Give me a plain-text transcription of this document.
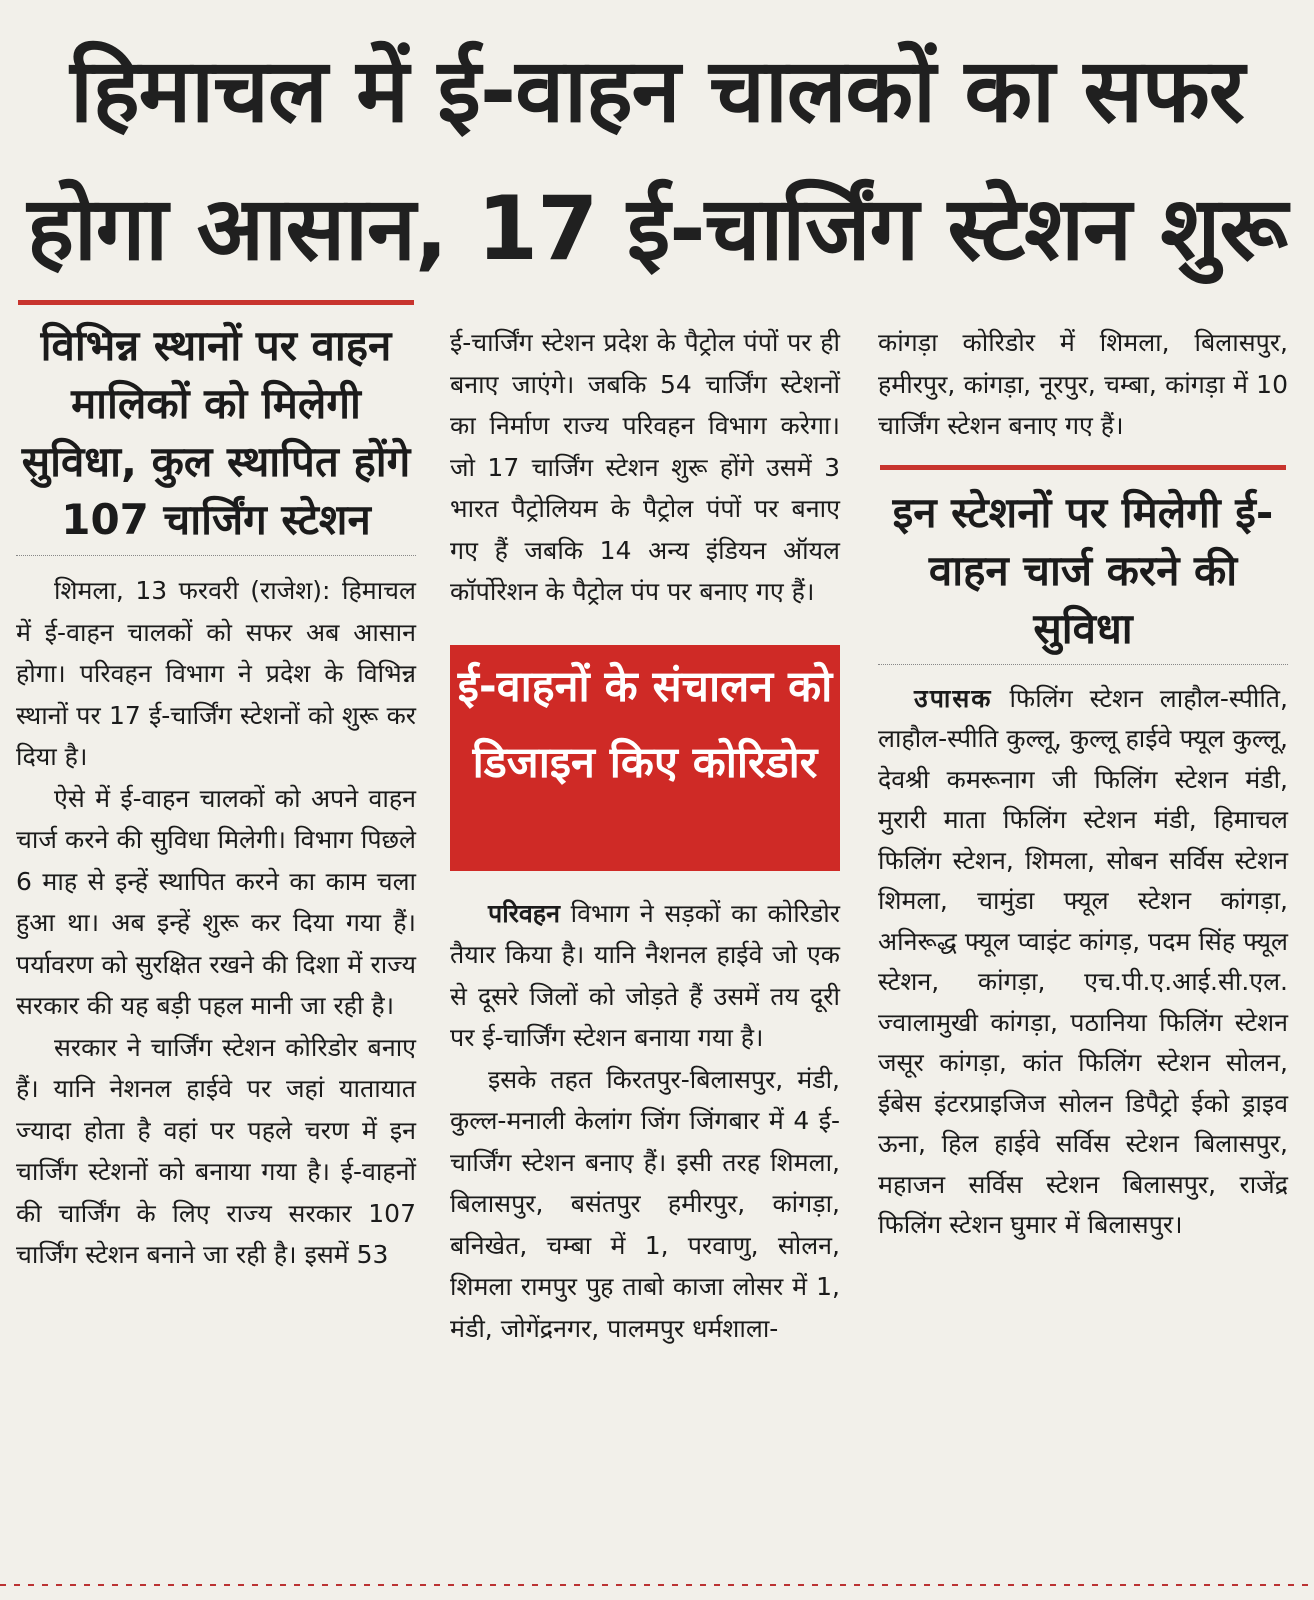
हिमाचल में ई-वाहन चालकों का सफर
होगा आसान, 17 ई-चार्जिंग स्टेशन शुरू
विभिन्न स्थानों पर वाहन मालिकों को मिलेगी सुविधा, कुल स्थापित होंगे 107 चार्जिंग स्टेशन

शिमला, 13 फरवरी (राजेश): हिमाचल में ई-वाहन चालकों को सफर अब आसान होगा। परिवहन विभाग ने प्रदेश के विभिन्न स्थानों पर 17 ई-चार्जिंग स्टेशनों को शुरू कर दिया है।

ऐसे में ई-वाहन चालकों को अपने वाहन चार्ज करने की सुविधा मिलेगी। विभाग पिछले 6 माह से इन्हें स्थापित करने का काम चला हुआ था। अब इन्हें शुरू कर दिया गया हैं। पर्यावरण को सुरक्षित रखने की दिशा में राज्य सरकार की यह बड़ी पहल मानी जा रही है।

सरकार ने चार्जिंग स्टेशन कोरिडोर बनाए हैं। यानि नेशनल हाईवे पर जहां यातायात ज्यादा होता है वहां पर पहले चरण में इन चार्जिंग स्टेशनों को बनाया गया है। ई-वाहनों की चार्जिंग के लिए राज्य सरकार 107 चार्जिंग स्टेशन बनाने जा रही है। इसमें 53

ई-चार्जिंग स्टेशन प्रदेश के पैट्रोल पंपों पर ही बनाए जाएंगे। जबकि 54 चार्जिंग स्टेशनों का निर्माण राज्य परिवहन विभाग करेगा। जो 17 चार्जिंग स्टेशन शुरू होंगे उसमें 3 भारत पैट्रोलियम के पैट्रोल पंपों पर बनाए गए हैं जबकि 14 अन्य इंडियन ऑयल कॉर्पोरेशन के पैट्रोल पंप पर बनाए गए हैं।

ई-वाहनों के संचालन को डिजाइन किए कोरिडोर

परिवहन विभाग ने सड़कों का कोरिडोर तैयार किया है। यानि नैशनल हाईवे जो एक से दूसरे जिलों को जोड़ते हैं उसमें तय दूरी पर ई-चार्जिंग स्टेशन बनाया गया है।

इसके तहत किरतपुर-बिलासपुर, मंडी, कुल्ल-मनाली केलांग जिंग जिंगबार में 4 ई-चार्जिंग स्टेशन बनाए हैं। इसी तरह शिमला, बिलासपुर, बसंतपुर हमीरपुर, कांगड़ा, बनिखेत, चम्बा में 1, परवाणु, सोलन, शिमला रामपुर पुह ताबो काजा लोसर में 1, मंडी, जोगेंद्रनगर, पालमपुर धर्मशाला-

कांगड़ा कोरिडोर में शिमला, बिलासपुर, हमीरपुर, कांगड़ा, नूरपुर, चम्बा, कांगड़ा में 10 चार्जिंग स्टेशन बनाए गए हैं।

इन स्टेशनों पर मिलेगी ई-वाहन चार्ज करने की सुविधा

उपासक फिलिंग स्टेशन लाहौल-स्पीति, लाहौल-स्पीति कुल्लू, कुल्लू हाईवे फ्यूल कुल्लू, देवश्री कमरूनाग जी फिलिंग स्टेशन मंडी, मुरारी माता फिलिंग स्टेशन मंडी, हिमाचल फिलिंग स्टेशन, शिमला, सोबन सर्विस स्टेशन शिमला, चामुंडा फ्यूल स्टेशन कांगड़ा, अनिरूद्ध फ्यूल प्वाइंट कांगड़, पदम सिंह फ्यूल स्टेशन, कांगड़ा, एच.पी.ए.आई.सी.एल. ज्वालामुखी कांगड़ा, पठानिया फिलिंग स्टेशन जसूर कांगड़ा, कांत फिलिंग स्टेशन सोलन, ईबेस इंटरप्राइजिज सोलन डिपैट्रो ईको ड्राइव ऊना, हिल हाईवे सर्विस स्टेशन बिलासपुर, महाजन सर्विस स्टेशन बिलासपुर, राजेंद्र फिलिंग स्टेशन घुमार में बिलासपुर।
